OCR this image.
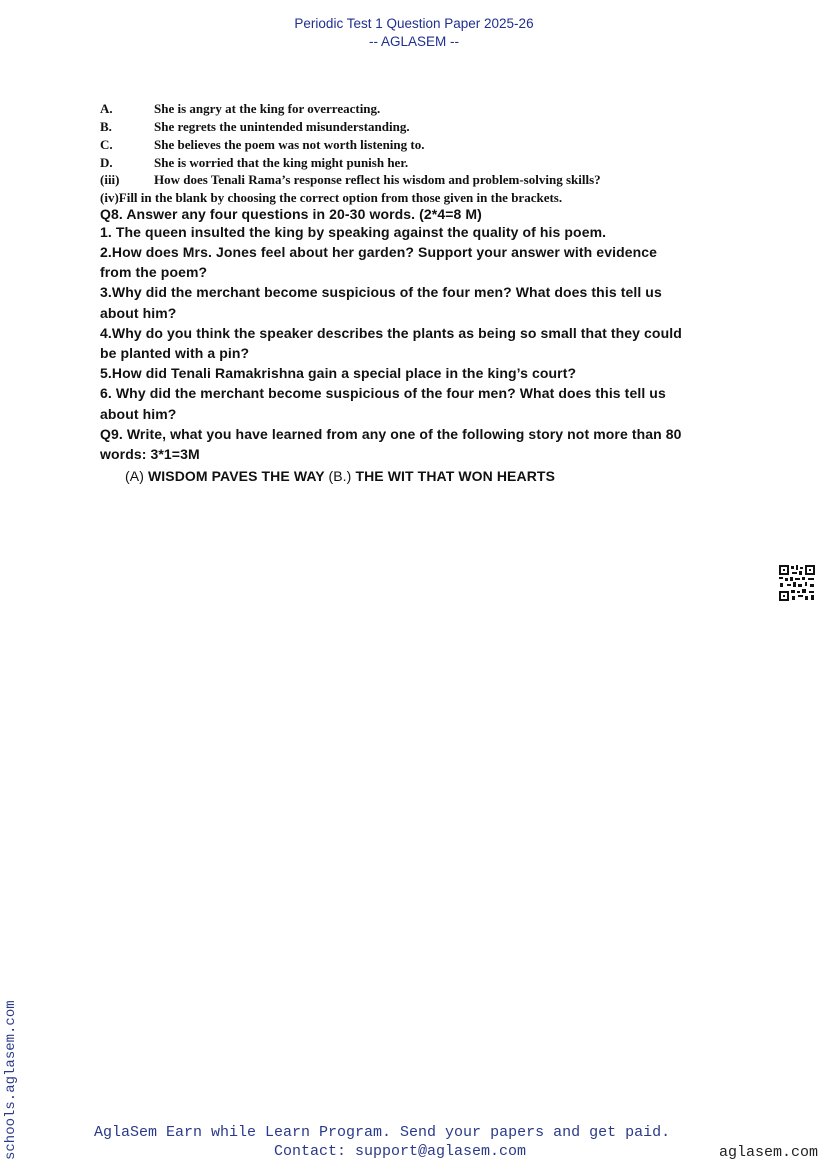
Periodic Test 1 Question Paper 2025-26
-- AGLASEM --
A.	She is angry at the king for overreacting.
B.	She regrets the unintended misunderstanding.
C.	She believes the poem was not worth listening to.
D.	She is worried that the king might punish her.
(iii)	How does Tenali Rama’s response reflect his wisdom and problem-solving skills?
(iv)Fill in the blank by choosing the correct option from those given in the brackets.
Q8. Answer any four questions in 20-30 words. (2*4=8 M)
1. The queen insulted the king by speaking against the quality of his poem.
2.How does Mrs. Jones feel about her garden? Support your answer with evidence
from the poem?
3.Why did the merchant become suspicious of the four men? What does this tell us
about him?
4.Why do you think the speaker describes the plants as being so small that they could
be planted with a pin?
5.How did Tenali Ramakrishna gain a special place in the king’s court?
6. Why did the merchant become suspicious of the four men? What does this tell us
about him?
Q9. Write, what you have learned from any one of the following story not more than 80
words: 3*1=3M
(A) WISDOM PAVES THE WAY (B.) THE WIT THAT WON HEARTS
schools.aglasem.com	AglaSem Earn while Learn Program. Send your papers and get paid.
Contact: support@aglasem.com	aglasem.com
